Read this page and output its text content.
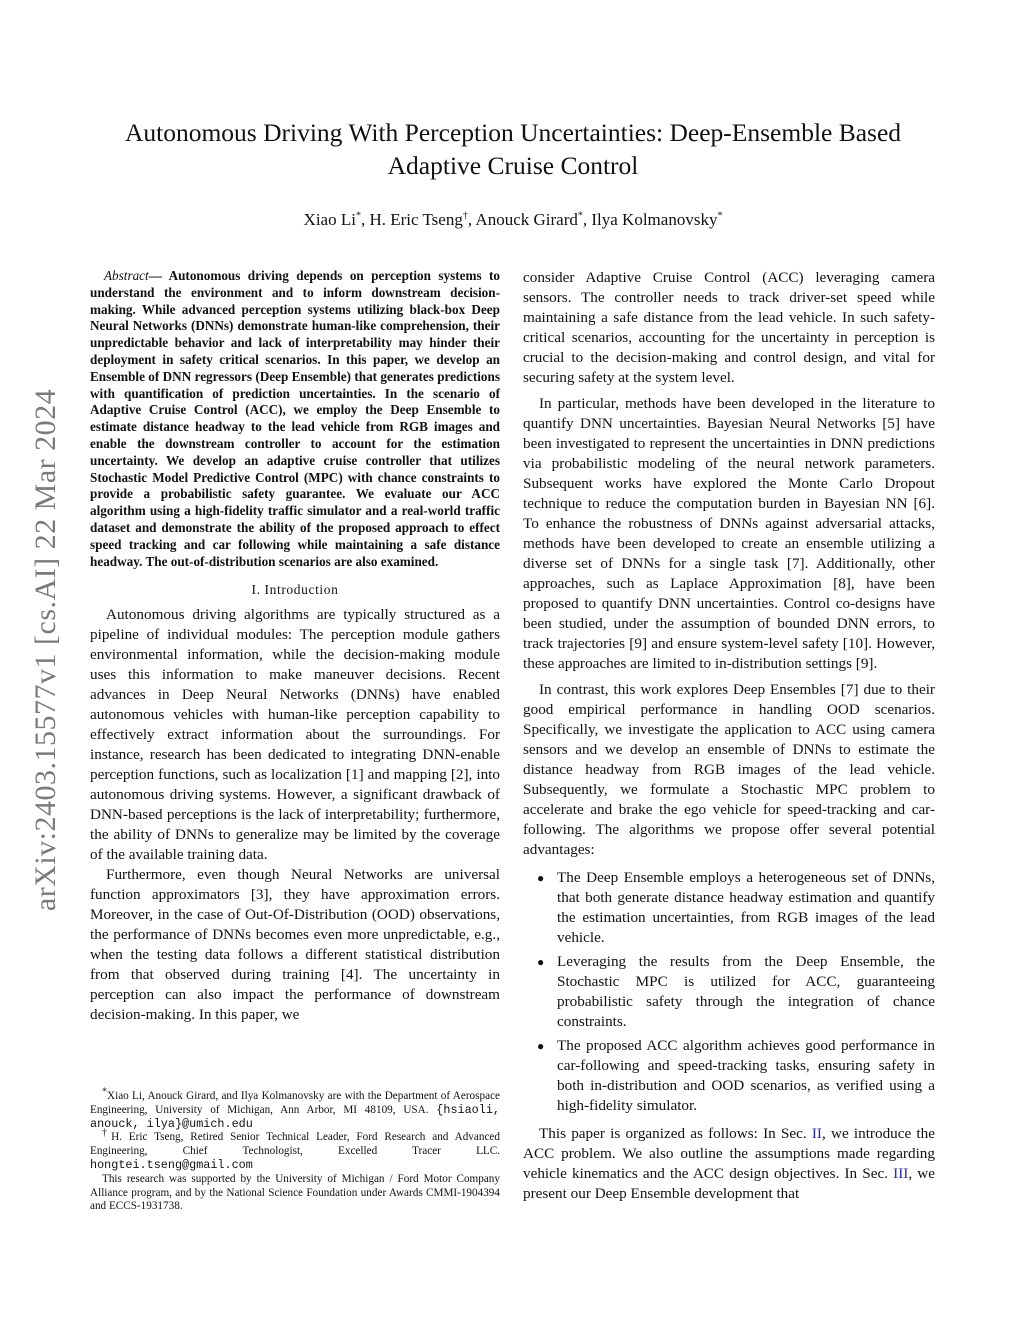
arXiv:2403.15577v1 [cs.AI] 22 Mar 2024
Autonomous Driving With Perception Uncertainties: Deep-Ensemble Based
Adaptive Cruise Control
Xiao Li*, H. Eric Tseng†, Anouck Girard*, Ilya Kolmanovsky*

Abstract— Autonomous driving depends on perception systems to understand the environment and to inform downstream decision-making. While advanced perception systems utilizing black-box Deep Neural Networks (DNNs) demonstrate human-like comprehension, their unpredictable behavior and lack of interpretability may hinder their deployment in safety critical scenarios. In this paper, we develop an Ensemble of DNN regressors (Deep Ensemble) that generates predictions with quantification of prediction uncertainties. In the scenario of Adaptive Cruise Control (ACC), we employ the Deep Ensemble to estimate distance headway to the lead vehicle from RGB images and enable the downstream controller to account for the estimation uncertainty. We develop an adaptive cruise controller that utilizes Stochastic Model Predictive Control (MPC) with chance constraints to provide a probabilistic safety guarantee. We evaluate our ACC algorithm using a high-fidelity traffic simulator and a real-world traffic dataset and demonstrate the ability of the proposed approach to effect speed tracking and car following while maintaining a safe distance headway. The out-of-distribution scenarios are also examined.

I. Introduction

Autonomous driving algorithms are typically structured as a pipeline of individual modules: The perception module gathers environmental information, while the decision-making module uses this information to make maneuver decisions. Recent advances in Deep Neural Networks (DNNs) have enabled autonomous vehicles with human-like perception capability to effectively extract information about the surroundings. For instance, research has been dedicated to integrating DNN-enable perception functions, such as localization [1] and mapping [2], into autonomous driving systems. However, a significant drawback of DNN-based perceptions is the lack of interpretability; furthermore, the ability of DNNs to generalize may be limited by the coverage of the available training data.

Furthermore, even though Neural Networks are universal function approximators [3], they have approximation errors. Moreover, in the case of Out-Of-Distribution (OOD) observations, the performance of DNNs becomes even more unpredictable, e.g., when the testing data follows a different statistical distribution from that observed during training [4]. The uncertainty in perception can also impact the performance of downstream decision-making. In this paper, we

*Xiao Li, Anouck Girard, and Ilya Kolmanovsky are with the Department of Aerospace Engineering, University of Michigan, Ann Arbor, MI 48109, USA. {hsiaoli, anouck, ilya}@umich.edu

†H. Eric Tseng, Retired Senior Technical Leader, Ford Research and Advanced Engineering, Chief Technologist, Excelled Tracer LLC. hongtei.tseng@gmail.com

This research was supported by the University of Michigan / Ford Motor Company Alliance program, and by the National Science Foundation under Awards CMMI-1904394 and ECCS-1931738.

consider Adaptive Cruise Control (ACC) leveraging camera sensors. The controller needs to track driver-set speed while maintaining a safe distance from the lead vehicle. In such safety-critical scenarios, accounting for the uncertainty in perception is crucial to the decision-making and control design, and vital for securing safety at the system level.

In particular, methods have been developed in the literature to quantify DNN uncertainties. Bayesian Neural Networks [5] have been investigated to represent the uncertainties in DNN predictions via probabilistic modeling of the neural network parameters. Subsequent works have explored the Monte Carlo Dropout technique to reduce the computation burden in Bayesian NN [6]. To enhance the robustness of DNNs against adversarial attacks, methods have been developed to create an ensemble utilizing a diverse set of DNNs for a single task [7]. Additionally, other approaches, such as Laplace Approximation [8], have been proposed to quantify DNN uncertainties. Control co-designs have been studied, under the assumption of bounded DNN errors, to track trajectories [9] and ensure system-level safety [10]. However, these approaches are limited to in-distribution settings [9].

In contrast, this work explores Deep Ensembles [7] due to their good empirical performance in handling OOD scenarios. Specifically, we investigate the application to ACC using camera sensors and we develop an ensemble of DNNs to estimate the distance headway from RGB images of the lead vehicle. Subsequently, we formulate a Stochastic MPC problem to accelerate and brake the ego vehicle for speed-tracking and car-following. The algorithms we propose offer several potential advantages:

● The Deep Ensemble employs a heterogeneous set of DNNs, that both generate distance headway estimation and quantify the estimation uncertainties, from RGB images of the lead vehicle.
● Leveraging the results from the Deep Ensemble, the Stochastic MPC is utilized for ACC, guaranteeing probabilistic safety through the integration of chance constraints.
● The proposed ACC algorithm achieves good performance in car-following and speed-tracking tasks, ensuring safety in both in-distribution and OOD scenarios, as verified using a high-fidelity simulator.

This paper is organized as follows: In Sec. II, we introduce the ACC problem. We also outline the assumptions made regarding vehicle kinematics and the ACC design objectives. In Sec. III, we present our Deep Ensemble development that
